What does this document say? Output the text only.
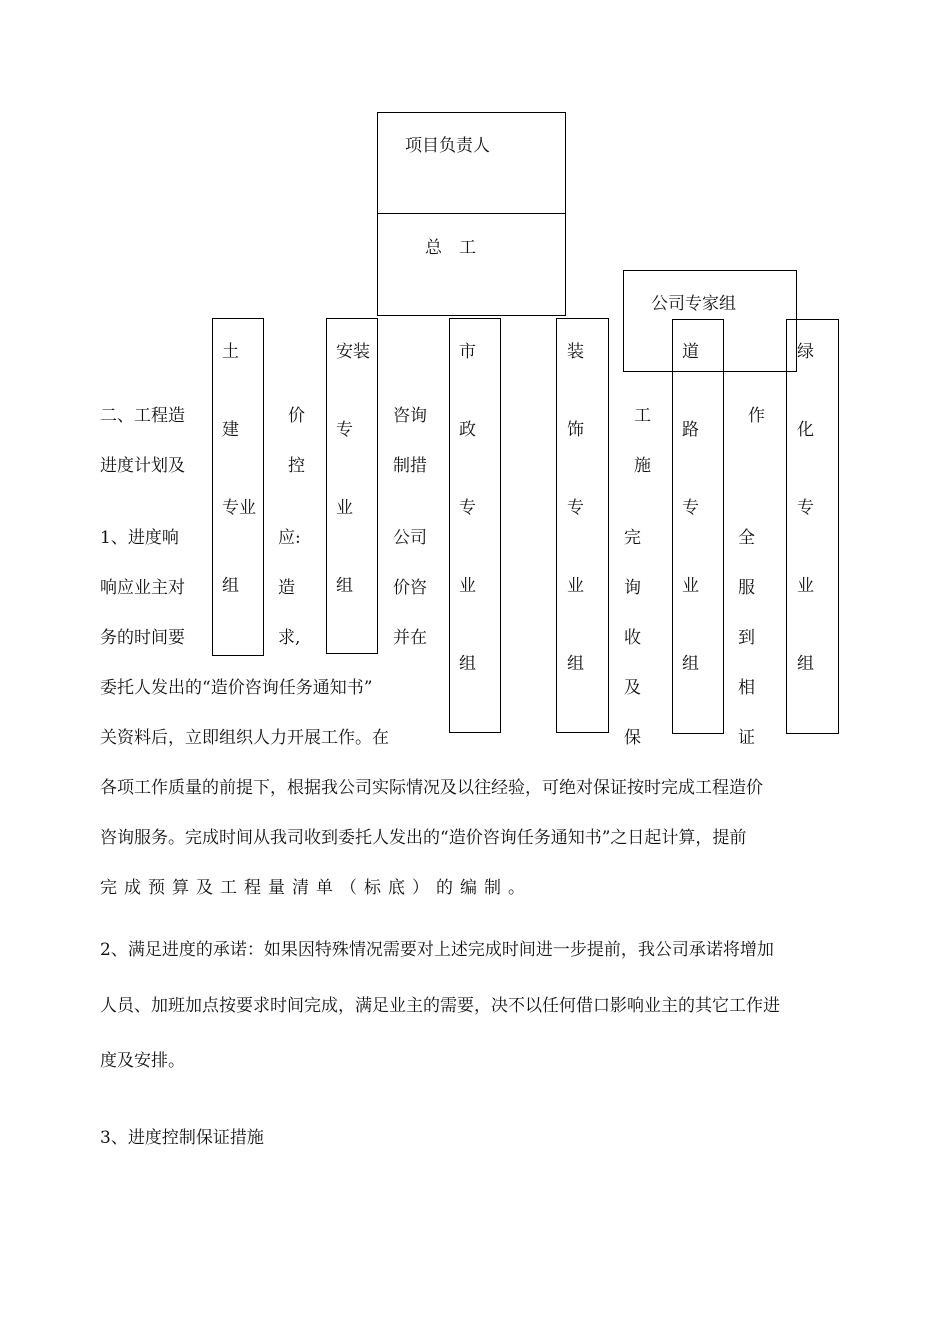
项目负责人
总　工
公司专家组
土
建
专业
组
安装
专
业
组
市
政
专
业
组
装
饰
专
业
组
道
路
专
业
组
绿
化
专
业
组
二、工程造
进度计划及
1、进度响
响应业主对
务的时间要
价
控
应:
造
求,
咨询
制措
公司
价咨
并在
工
施
完
询
收
及
保
作
全
服
到
相
证
委托人发出的“造价咨询任务通知书”
关资料后，立即组织人力开展工作。在
各项工作质量的前提下，根据我公司实际情况及以往经验，可绝对保证按时完成工程造价
咨询服务。完成时间从我司收到委托人发出的“造价咨询任务通知书”之日起计算，提前
完成预算及工程量清单（标底）的编制。
2、满足进度的承诺：如果因特殊情况需要对上述完成时间进一步提前，我公司承诺将增加
人员、加班加点按要求时间完成，满足业主的需要，决不以任何借口影响业主的其它工作进
度及安排。
3、进度控制保证措施
